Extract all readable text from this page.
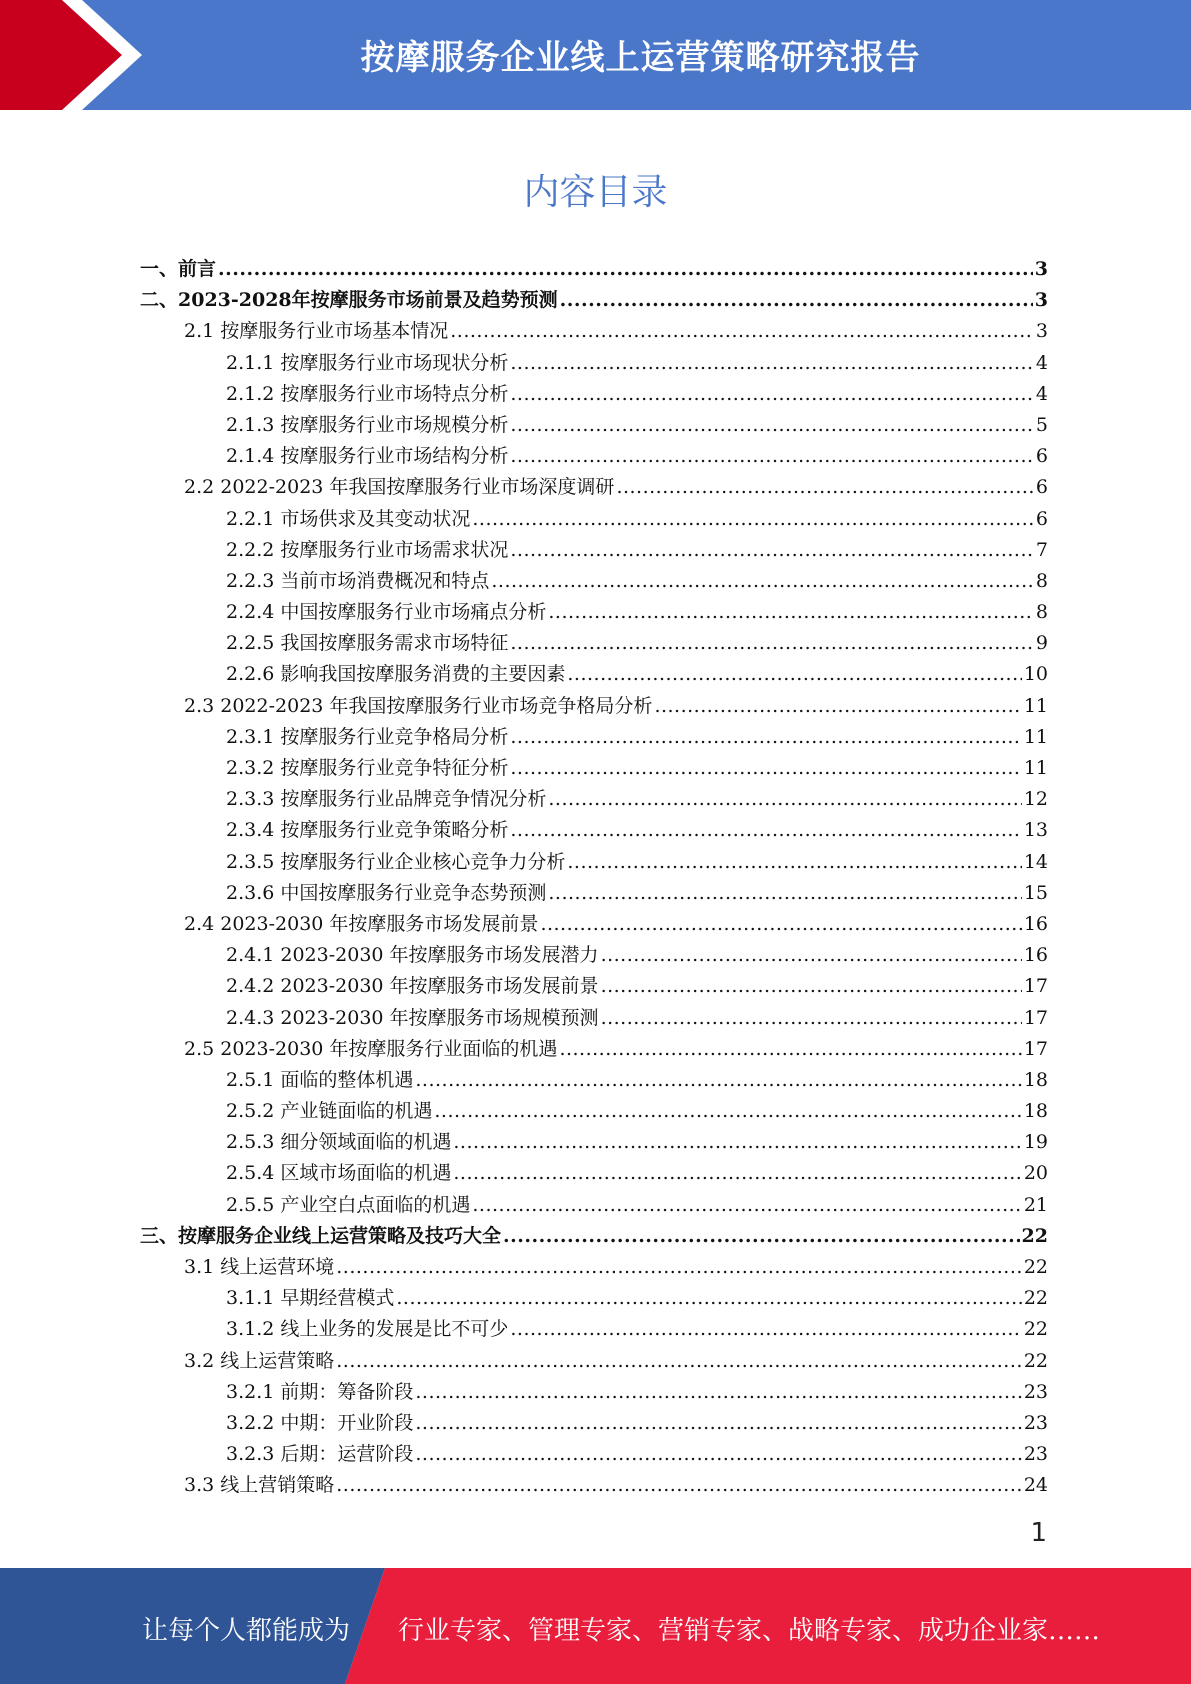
按摩服务企业线上运营策略研究报告
内容目录
一、前言 .....	3
二、2023-2028年按摩服务市场前景及趋势预测 .....	3
2.1 按摩服务行业市场基本情况 .....	3
2.1.1 按摩服务行业市场现状分析 .....	4
2.1.2 按摩服务行业市场特点分析 .....	4
2.1.3 按摩服务行业市场规模分析 .....	5
2.1.4 按摩服务行业市场结构分析 .....	6
2.2 2022-2023 年我国按摩服务行业市场深度调研 .....	6
2.2.1 市场供求及其变动状况 .....	6
2.2.2 按摩服务行业市场需求状况 .....	7
2.2.3 当前市场消费概况和特点 .....	8
2.2.4 中国按摩服务行业市场痛点分析 .....	8
2.2.5 我国按摩服务需求市场特征 .....	9
2.2.6 影响我国按摩服务消费的主要因素 .....	10
2.3 2022-2023 年我国按摩服务行业市场竞争格局分析 .....	11
2.3.1 按摩服务行业竞争格局分析 .....	11
2.3.2 按摩服务行业竞争特征分析 .....	11
2.3.3 按摩服务行业品牌竞争情况分析 .....	12
2.3.4 按摩服务行业竞争策略分析 .....	13
2.3.5 按摩服务行业企业核心竞争力分析 .....	14
2.3.6 中国按摩服务行业竞争态势预测 .....	15
2.4 2023-2030 年按摩服务市场发展前景 .....	16
2.4.1 2023-2030 年按摩服务市场发展潜力 .....	16
2.4.2 2023-2030 年按摩服务市场发展前景 .....	17
2.4.3 2023-2030 年按摩服务市场规模预测 .....	17
2.5 2023-2030 年按摩服务行业面临的机遇 .....	17
2.5.1 面临的整体机遇 .....	18
2.5.2 产业链面临的机遇 .....	18
2.5.3 细分领域面临的机遇 .....	19
2.5.4 区域市场面临的机遇 .....	20
2.5.5 产业空白点面临的机遇 .....	21
三、按摩服务企业线上运营策略及技巧大全 .....	22
3.1 线上运营环境 .....	22
3.1.1 早期经营模式 .....	22
3.1.2 线上业务的发展是比不可少 .....	22
3.2 线上运营策略 .....	22
3.2.1 前期：筹备阶段 .....	23
3.2.2 中期：开业阶段 .....	23
3.2.3 后期：运营阶段 .....	23
3.3 线上营销策略 .....	24
1
让每个人都能成为 行业专家、管理专家、营销专家、战略专家、成功企业家……
